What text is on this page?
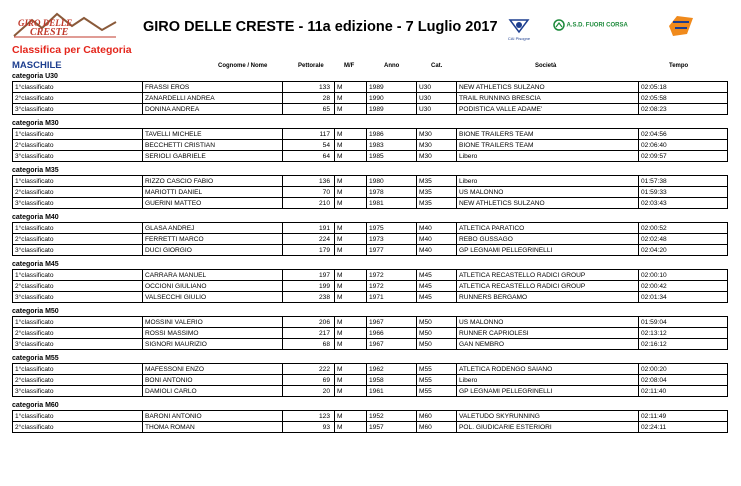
GIRO DELLE
CRESTE	GIRO DELLE CRESTE - 11a edizione - 7 Luglio 2017
CAI Pisogne
A.S.D. FUORI CORSA
Classifica per Categoria
MASCHILE	Cognome / Nome	Pettorale	M/F	Anno	Cat.	Società	Tempo
categoria U30
1°classificato	FRASSI EROS	133	M	1989	U30	NEW ATHLETICS SULZANO	02:05:18
2°classificato	ZANARDELLI ANDREA	28	M	1990	U30	TRAIL RUNNING BRESCIA	02:05:58
3°classificato	DONINA ANDREA	65	M	1989	U30	PODISTICA VALLE ADAME'	02:08:23
categoria M30
1°classificato	TAVELLI MICHELE	117	M	1986	M30	BIONE TRAILERS TEAM	02:04:56
2°classificato	BECCHETTI CRISTIAN	54	M	1983	M30	BIONE TRAILERS TEAM	02:06:40
3°classificato	SERIOLI GABRIELE	64	M	1985	M30	Libero	02:09:57
categoria M35
1°classificato	RIZZO CASCIO FABIO	136	M	1980	M35	Libero	01:57:38
2°classificato	MARIOTTI DANIEL	70	M	1978	M35	US MALONNO	01:59:33
3°classificato	GUERINI MATTEO	210	M	1981	M35	NEW ATHLETICS SULZANO	02:03:43
categoria M40
1°classificato	GLASA ANDREJ	191	M	1975	M40	ATLETICA PARATICO	02:00:52
2°classificato	FERRETTI MARCO	224	M	1973	M40	REBO GUSSAGO	02:02:48
3°classificato	DUCI GIORGIO	179	M	1977	M40	GP LEGNAMI PELLEGRINELLI	02:04:20
categoria M45
1°classificato	CARRARA MANUEL	197	M	1972	M45	ATLETICA RECASTELLO RADICI GROUP	02:00:10
2°classificato	OCCIONI GIULIANO	199	M	1972	M45	ATLETICA RECASTELLO RADICI GROUP	02:00:42
3°classificato	VALSECCHI GIULIO	238	M	1971	M45	RUNNERS BERGAMO	02:01:34
categoria M50
1°classificato	MOSSINI VALERIO	206	M	1967	M50	US MALONNO	01:59:04
2°classificato	ROSSI MASSIMO	217	M	1966	M50	RUNNER CAPRIOLESI	02:13:12
3°classificato	SIGNORI MAURIZIO	68	M	1967	M50	GAN NEMBRO	02:16:12
categoria M55
1°classificato	MAFESSONI ENZO	222	M	1962	M55	ATLETICA RODENGO SAIANO	02:00:20
2°classificato	BONI ANTONIO	69	M	1958	M55	Libero	02:08:04
3°classificato	DAMIOLI CARLO	20	M	1961	M55	GP LEGNAMI PELLEGRINELLI	02:11:40
categoria M60
1°classificato	BARONI ANTONIO	123	M	1952	M60	VALETUDO SKYRUNNING	02:11:49
2°classificato	THOMA ROMAN	93	M	1957	M60	POL. GIUDICARIE ESTERIORI	02:24:11
